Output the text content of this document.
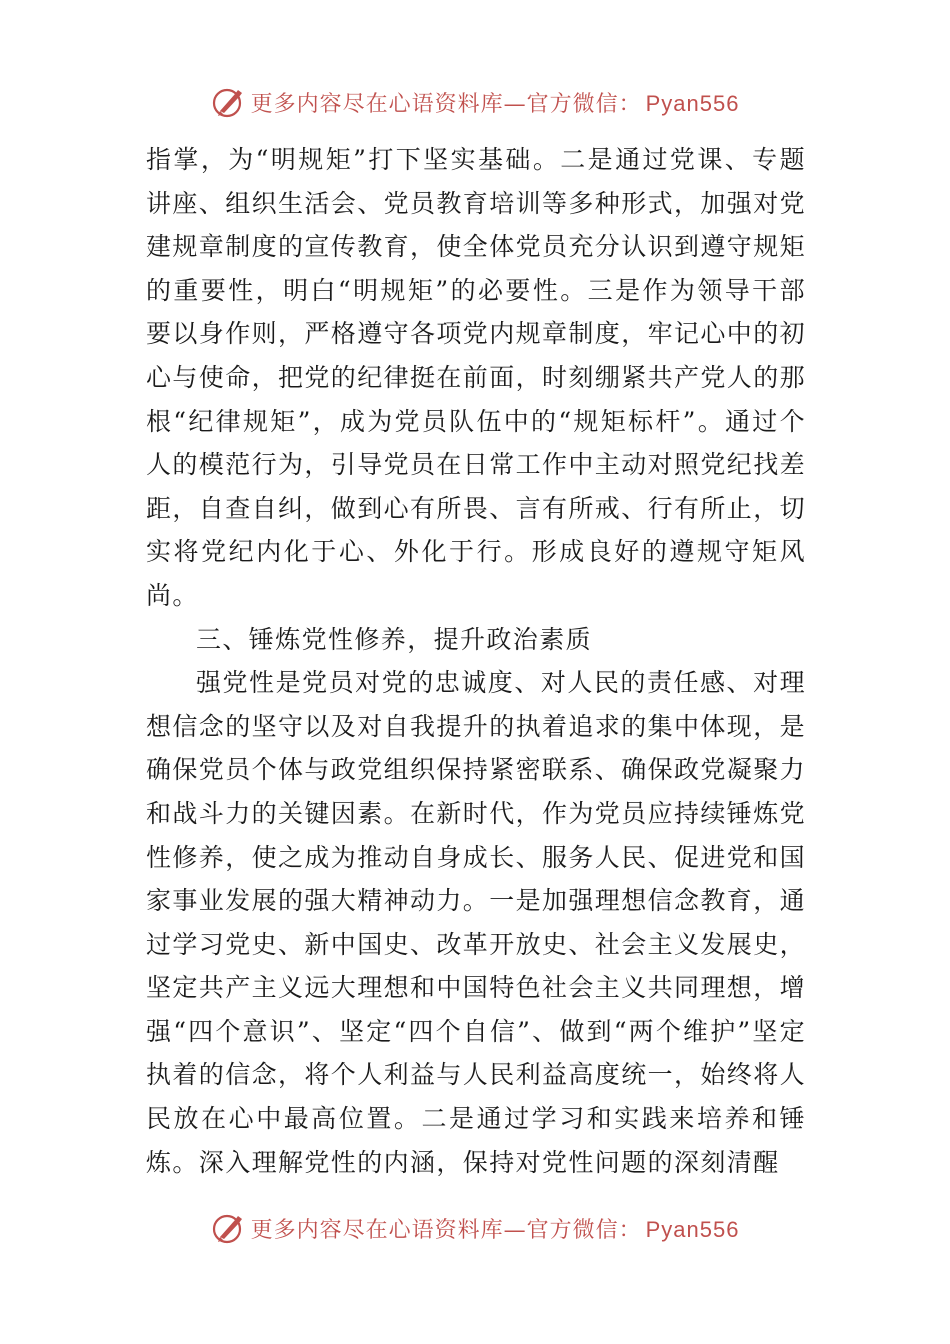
更多内容尽在心语资料库—官方微信： Pyan556

指掌，为“明规矩”打下坚实基础。二是通过党课、专题讲座、组织生活会、党员教育培训等多种形式，加强对党建规章制度的宣传教育，使全体党员充分认识到遵守规矩的重要性，明白“明规矩”的必要性。三是作为领导干部要以身作则，严格遵守各项党内规章制度，牢记心中的初心与使命，把党的纪律挺在前面，时刻绷紧共产党人的那根“纪律规矩”，成为党员队伍中的“规矩标杆”。通过个人的模范行为，引导党员在日常工作中主动对照党纪找差距，自查自纠，做到心有所畏、言有所戒、行有所止，切实将党纪内化于心、外化于行。形成良好的遵规守矩风尚。

三、锤炼党性修养，提升政治素质

强党性是党员对党的忠诚度、对人民的责任感、对理想信念的坚守以及对自我提升的执着追求的集中体现，是确保党员个体与政党组织保持紧密联系、确保政党凝聚力和战斗力的关键因素。在新时代，作为党员应持续锤炼党性修养，使之成为推动自身成长、服务人民、促进党和国家事业发展的强大精神动力。一是加强理想信念教育，通过学习党史、新中国史、改革开放史、社会主义发展史，坚定共产主义远大理想和中国特色社会主义共同理想，增强“四个意识”、坚定“四个自信”、做到“两个维护”坚定执着的信念，将个人利益与人民利益高度统一，始终将人民放在心中最高位置。二是通过学习和实践来培养和锤炼。深入理解党性的内涵，保持对党性问题的深刻清醒

更多内容尽在心语资料库—官方微信： Pyan556
